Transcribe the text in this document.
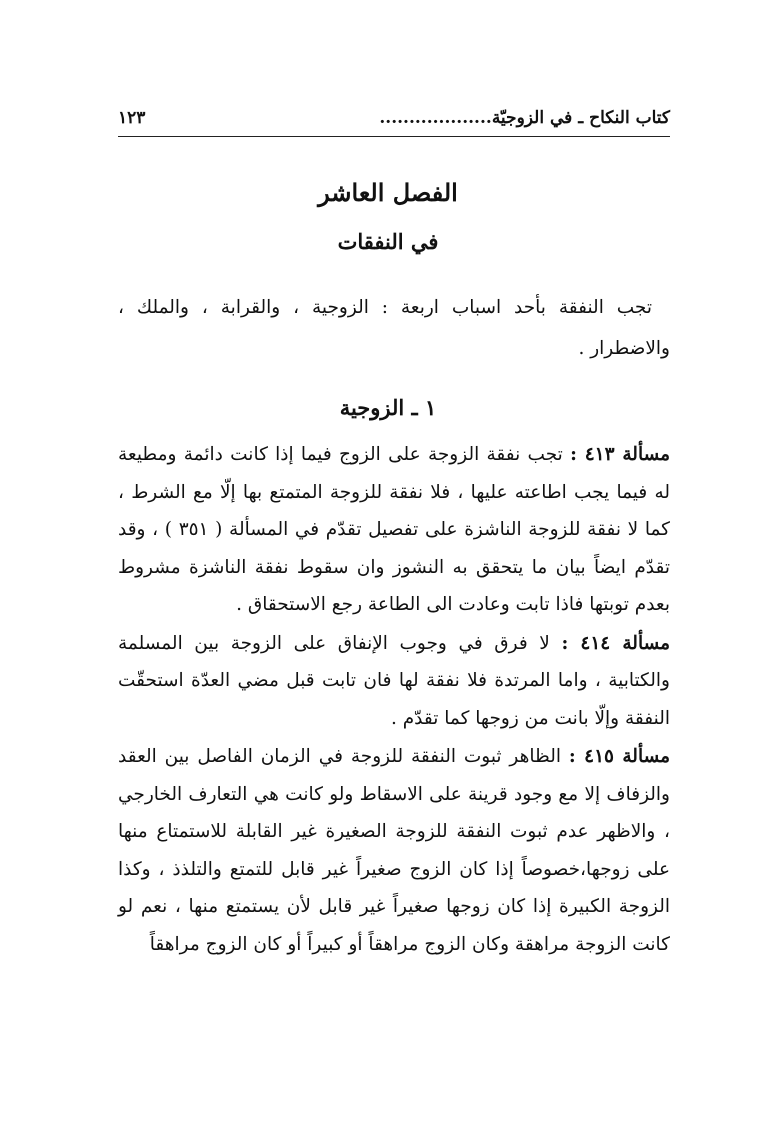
كتاب النكاح ـ في الزوجيّة...................
١٢٣
الفصل العاشر
في النفقات

تجب النفقة بأحد اسباب اربعة : الزوجية ، والقرابة ، والملك ، والاضطرار .

١ ـ الزوجية

مسألة ٤١٣ : تجب نفقة الزوجة على الزوج فيما إذا كانت دائمة ومطيعة له فيما يجب اطاعته عليها ، فلا نفقة للزوجة المتمتع بها إلّا مع الشرط ، كما لا نفقة للزوجة الناشزة على تفصيل تقدّم في المسألة ( ٣٥١ ) ، وقد تقدّم ايضاً بيان ما يتحقق به النشوز وان سقوط نفقة الناشزة مشروط بعدم توبتها فاذا تابت وعادت الى الطاعة رجع الاستحقاق .

مسألة ٤١٤ : لا فرق في وجوب الإنفاق على الزوجة بين المسلمة والكتابية ، واما المرتدة فلا نفقة لها فان تابت قبل مضي العدّة استحقّت النفقة وإلّا بانت من زوجها كما تقدّم .

مسألة ٤١٥ : الظاهر ثبوت النفقة للزوجة في الزمان الفاصل بين العقد والزفاف إلا مع وجود قرينة على الاسقاط ولو كانت هي التعارف الخارجي ، والاظهر عدم ثبوت النفقة للزوجة الصغيرة غير القابلة للاستمتاع منها على زوجها،خصوصاً إذا كان الزوج صغيراً غير قابل للتمتع والتلذذ ، وكذا الزوجة الكبيرة إذا كان زوجها صغيراً غير قابل لأن يستمتع منها ، نعم لو كانت الزوجة مراهقة وكان الزوج مراهقاً أو كبيراً أو كان الزوج مراهقاً
